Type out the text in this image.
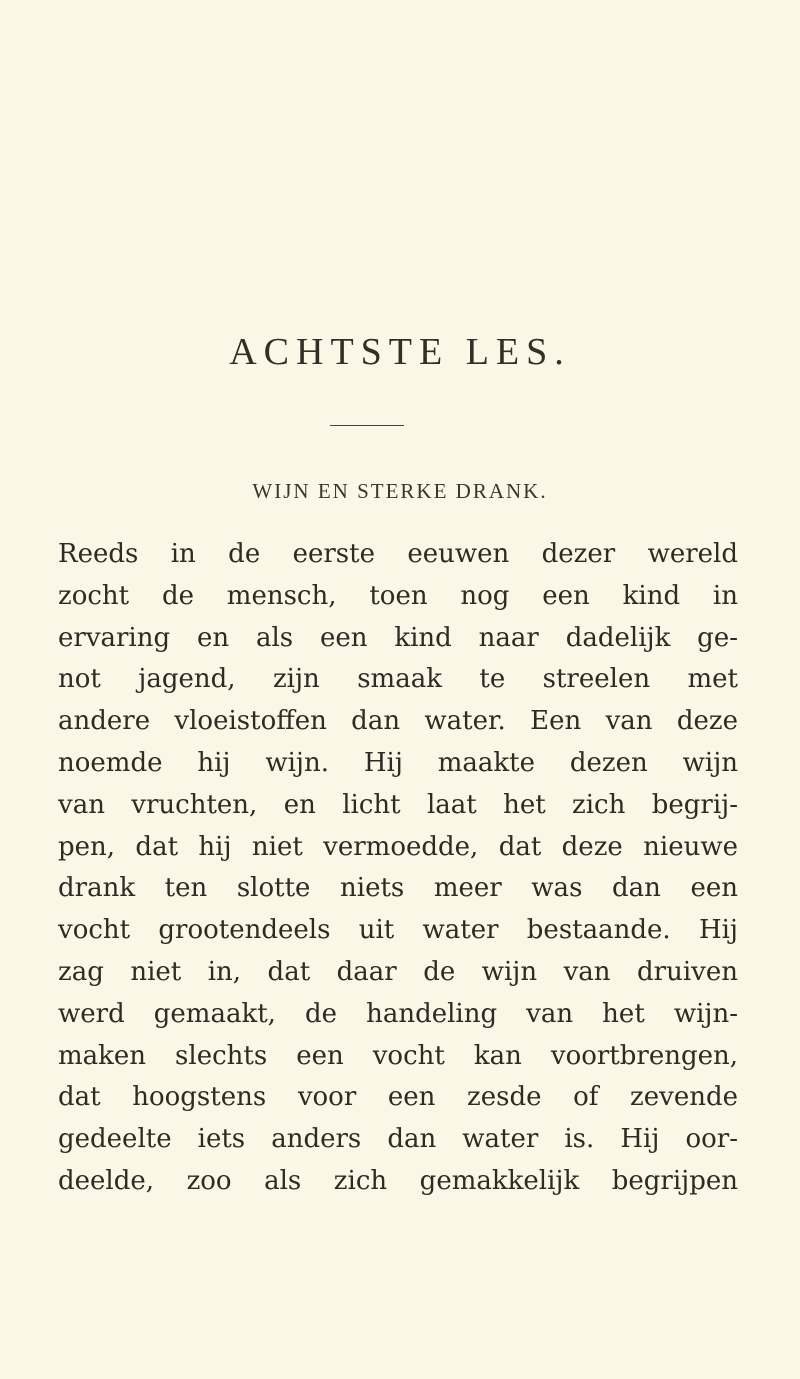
ACHTSTE LES.
WIJN EN STERKE DRANK.
Reeds in de eerste eeuwen dezer wereld
zocht de mensch, toen nog een kind in
ervaring en als een kind naar dadelijk ge-
not jagend, zijn smaak te streelen met
andere vloeistoffen dan water. Een van deze
noemde hij wijn. Hij maakte dezen wijn
van vruchten, en licht laat het zich begrij-
pen, dat hij niet vermoedde, dat deze nieuwe
drank ten slotte niets meer was dan een
vocht grootendeels uit water bestaande. Hij
zag niet in, dat daar de wijn van druiven
werd gemaakt, de handeling van het wijn-
maken slechts een vocht kan voortbrengen,
dat hoogstens voor een zesde of zevende
gedeelte iets anders dan water is. Hij oor-
deelde, zoo als zich gemakkelijk begrijpen
